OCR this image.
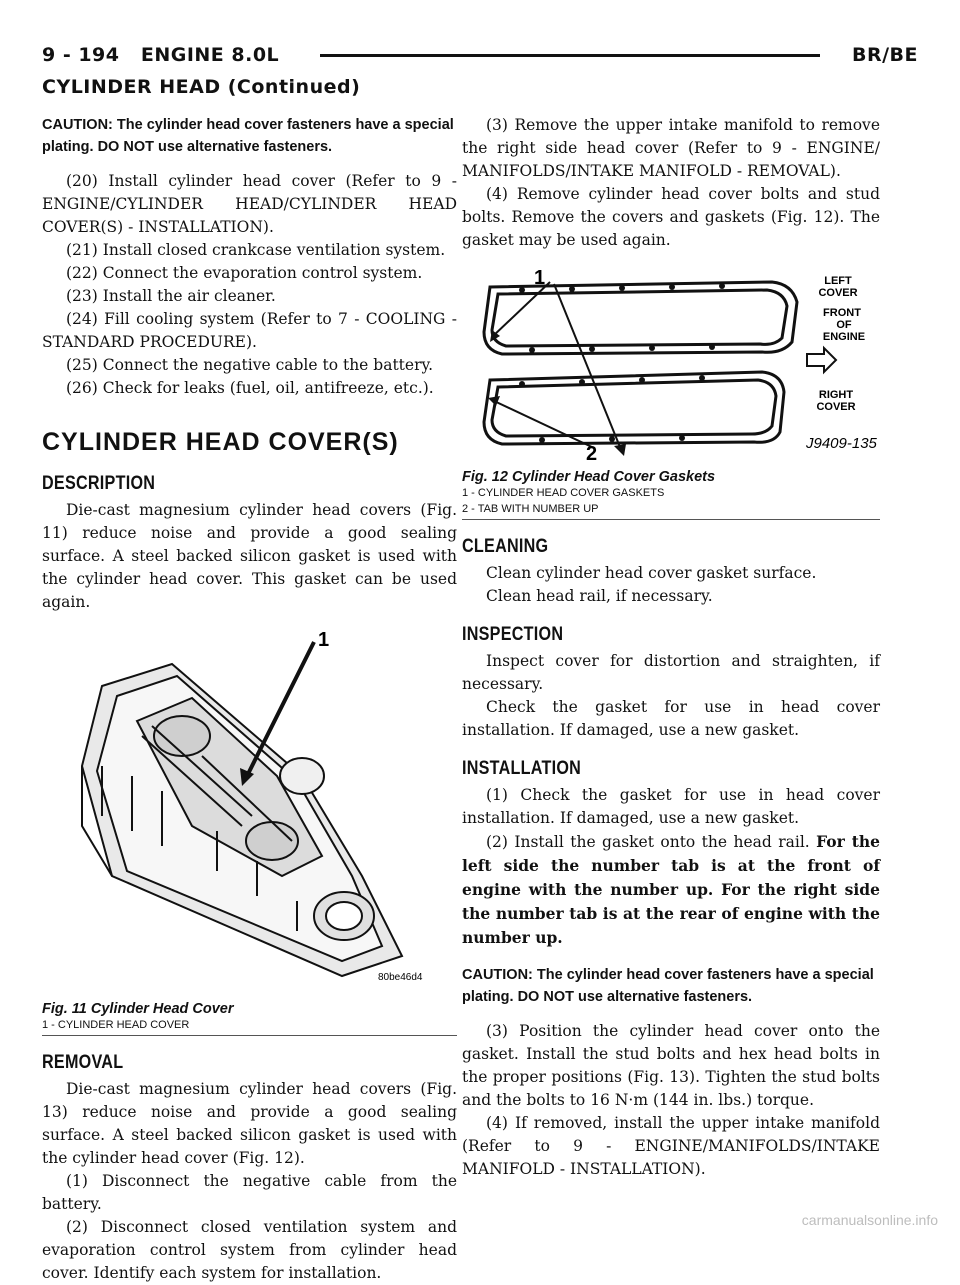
9 - 194 ENGINE 8.0L	BR/BE
CYLINDER HEAD (Continued)

CAUTION: The cylinder head cover fasteners have a special plating. DO NOT use alternative fasteners.

(20) Install cylinder head cover (Refer to 9 - ENGINE/CYLINDER HEAD/CYLINDER HEAD COVER(S) - INSTALLATION).

(21) Install closed crankcase ventilation system.

(22) Connect the evaporation control system.

(23) Install the air cleaner.

(24) Fill cooling system (Refer to 7 - COOLING - STANDARD PROCEDURE).

(25) Connect the negative cable to the battery.

(26) Check for leaks (fuel, oil, antifreeze, etc.).

CYLINDER HEAD COVER(S)
DESCRIPTION

Die-cast magnesium cylinder head covers (Fig. 11) reduce noise and provide a good sealing surface. A steel backed silicon gasket is used with the cylinder head cover. This gasket can be used again.

1
80be46d4
Fig. 11 Cylinder Head Cover
1 - CYLINDER HEAD COVER
REMOVAL

Die-cast magnesium cylinder head covers (Fig. 13) reduce noise and provide a good sealing surface. A steel backed silicon gasket is used with the cylinder head cover (Fig. 12).

(1) Disconnect the negative cable from the battery.

(2) Disconnect closed ventilation system and evaporation control system from cylinder head cover. Identify each system for installation.

(3) Remove the upper intake manifold to remove the right side head cover (Refer to 9 - ENGINE/ MANIFOLDS/INTAKE MANIFOLD - REMOVAL).

(4) Remove cylinder head cover bolts and stud bolts. Remove the covers and gaskets (Fig. 12). The gasket may be used again.

1
2
LEFT
COVER
FRONT
OF
ENGINE
RIGHT
COVER
J9409-135
Fig. 12 Cylinder Head Cover Gaskets
1 - CYLINDER HEAD COVER GASKETS
2 - TAB WITH NUMBER UP
CLEANING

Clean cylinder head cover gasket surface.

Clean head rail, if necessary.

INSPECTION

Inspect cover for distortion and straighten, if necessary.

Check the gasket for use in head cover installation. If damaged, use a new gasket.

INSTALLATION

(1) Check the gasket for use in head cover installation. If damaged, use a new gasket.

(2) Install the gasket onto the head rail. For the left side the number tab is at the front of engine with the number up. For the right side the number tab is at the rear of engine with the number up.

CAUTION: The cylinder head cover fasteners have a special plating. DO NOT use alternative fasteners.

(3) Position the cylinder head cover onto the gasket. Install the stud bolts and hex head bolts in the proper positions (Fig. 13). Tighten the stud bolts and the bolts to 16 N·m (144 in. lbs.) torque.

(4) If removed, install the upper intake manifold (Refer to 9 - ENGINE/MANIFOLDS/INTAKE MANIFOLD - INSTALLATION).

carmanualsonline.info
